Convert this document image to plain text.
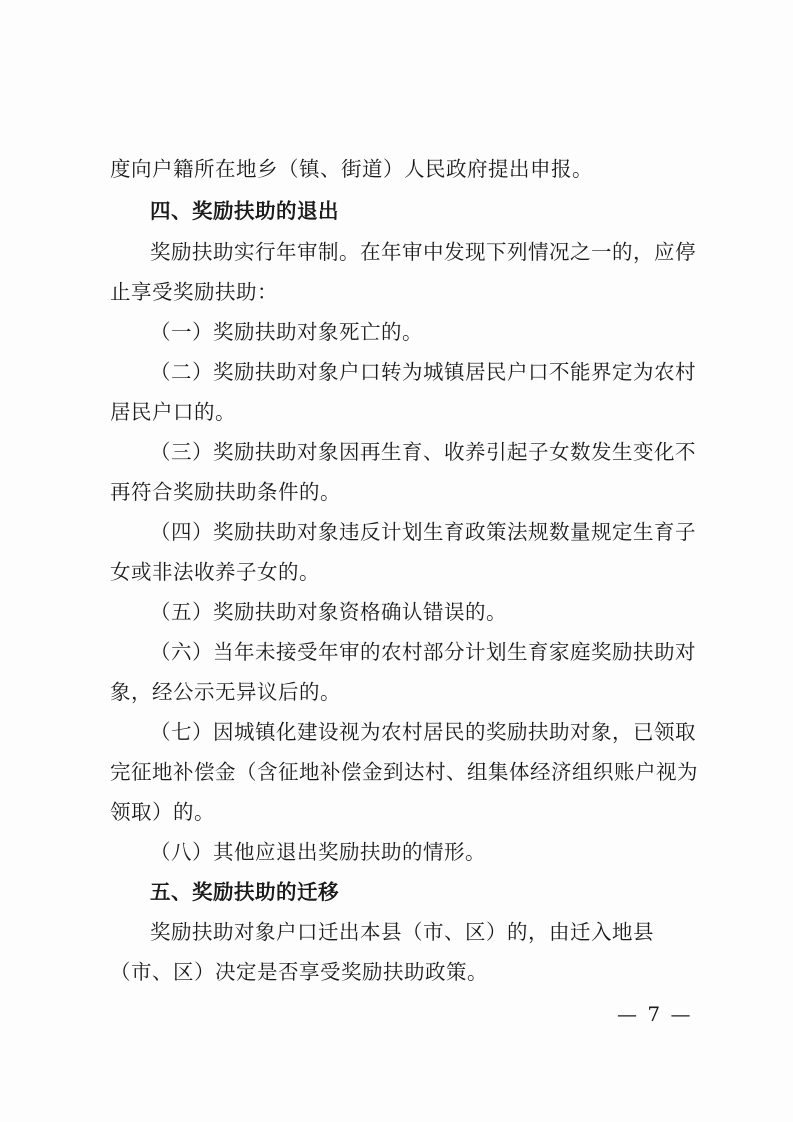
度向户籍所在地乡（镇、街道）人民政府提出申报。
四、奖励扶助的退出
奖励扶助实行年审制。在年审中发现下列情况之一的，应停
止享受奖励扶助：
（一）奖励扶助对象死亡的。
（二）奖励扶助对象户口转为城镇居民户口不能界定为农村
居民户口的。
（三）奖励扶助对象因再生育、收养引起子女数发生变化不
再符合奖励扶助条件的。
（四）奖励扶助对象违反计划生育政策法规数量规定生育子
女或非法收养子女的。
（五）奖励扶助对象资格确认错误的。
（六）当年未接受年审的农村部分计划生育家庭奖励扶助对
象，经公示无异议后的。
（七）因城镇化建设视为农村居民的奖励扶助对象，已领取
完征地补偿金（含征地补偿金到达村、组集体经济组织账户视为
领取）的。
（八）其他应退出奖励扶助的情形。
五、奖励扶助的迁移
奖励扶助对象户口迁出本县（市、区）的，由迁入地县
（市、区）决定是否享受奖励扶助政策。
— 7 —
